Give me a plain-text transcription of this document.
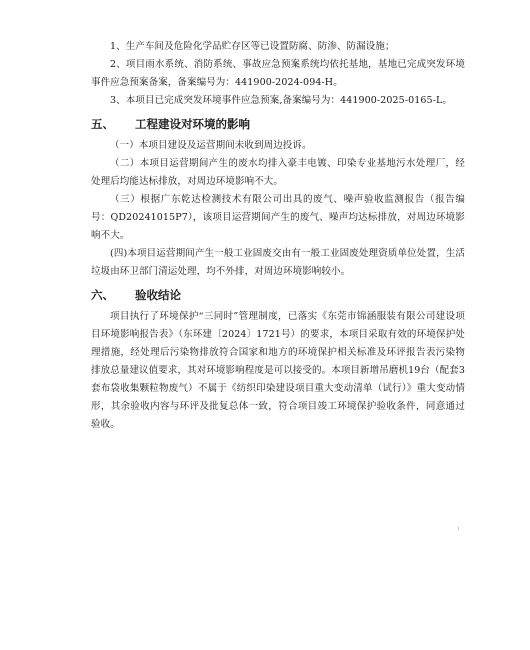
1、生产车间及危险化学品贮存区等已设置防腐、防渗、防漏设施；

2、项目雨水系统、消防系统、事故应急预案系统均依托基地，基地已完成突发环境事件应急预案备案，备案编号为：441900-2024-094-H。

3、本项目已完成突发环境事件应急预案,备案编号为：441900-2025-0165-L。

五、 工程建设对环境的影响

（一）本项目建设及运营期间未收到周边投诉。

（二）本项目运营期间产生的废水均排入豪丰电镀、印染专业基地污水处理厂，经处理后均能达标排放，对周边环境影响不大。

（三）根据广东乾达检测技术有限公司出具的废气、噪声验收监测报告（报告编号：QD20241015P7），该项目运营期间产生的废气、噪声均达标排放，对周边环境影响不大。

(四)本项目运营期间产生一般工业固废交由有一般工业固废处理资质单位处置，生活垃圾由环卫部门清运处理，均不外排，对周边环境影响较小。

六、 验收结论

项目执行了环境保护“三同时”管理制度，已落实《东莞市锦涵服装有限公司建设项目环境影响报告表》（东环建〔2024〕1721号）的要求，本项目采取有效的环境保护处理措施，经处理后污染物排放符合国家和地方的环境保护相关标准及环评报告表污染物排放总量建议值要求，其对环境影响程度是可以接受的。本项目新增吊磨机19台（配套3套布袋收集颗粒物废气）不属于《纺织印染建设项目重大变动清单（试行）》重大变动情形，其余验收内容与环评及批复总体一致，符合项目竣工环境保护验收条件，同意通过验收。
